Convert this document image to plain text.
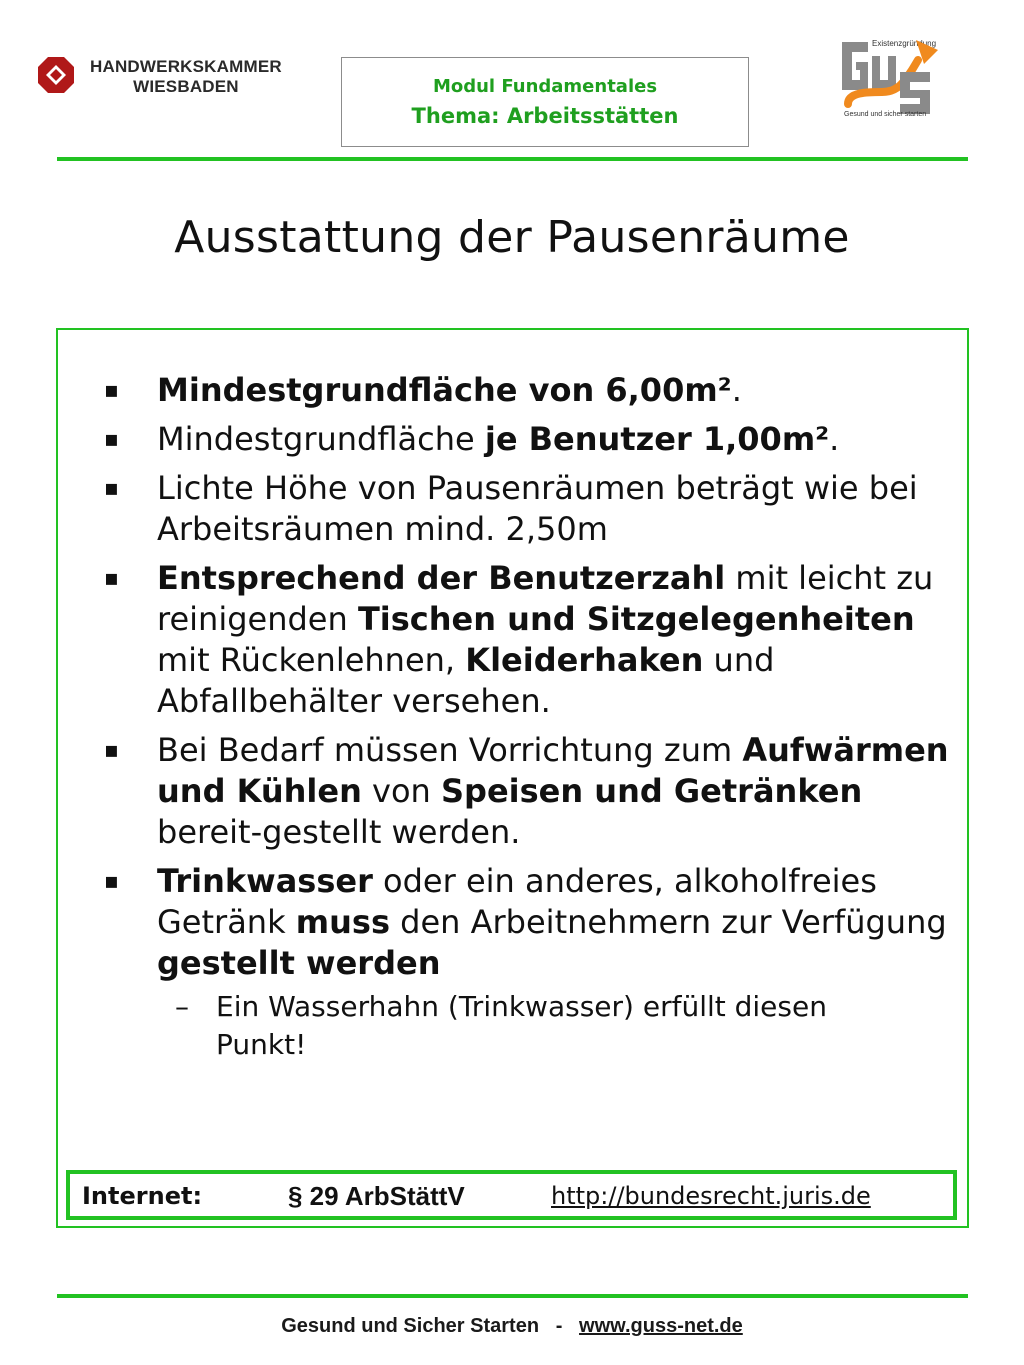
HANDWERKSKAMMER
WIESBADEN	Modul Fundamentales
Thema: Arbeitsstätten
Existenzgründung
Gesund und sicher starten
Ausstattung der Pausenräume
▪ Mindestgrundfläche von 6,00m².
▪ Mindestgrundfläche je Benutzer 1,00m².
▪ Lichte Höhe von Pausenräumen beträgt wie bei Arbeitsräumen mind. 2,50m
▪ Entsprechend der Benutzerzahl mit leicht zu reinigenden Tischen und Sitzgelegenheiten mit Rückenlehnen, Kleiderhaken und Abfallbehälter versehen.
▪ Bei Bedarf müssen Vorrichtung zum Aufwärmen und Kühlen von Speisen und Getränken bereit-gestellt werden.
▪ Trinkwasser oder ein anderes, alkoholfreies Getränk muss den Arbeitnehmern zur Verfügung gestellt werden
– Ein Wasserhahn (Trinkwasser) erfüllt diesen Punkt!
Internet:	§ 29 ArbStättV	http://bundesrecht.juris.de
Gesund und Sicher Starten   -   www.guss-net.de
